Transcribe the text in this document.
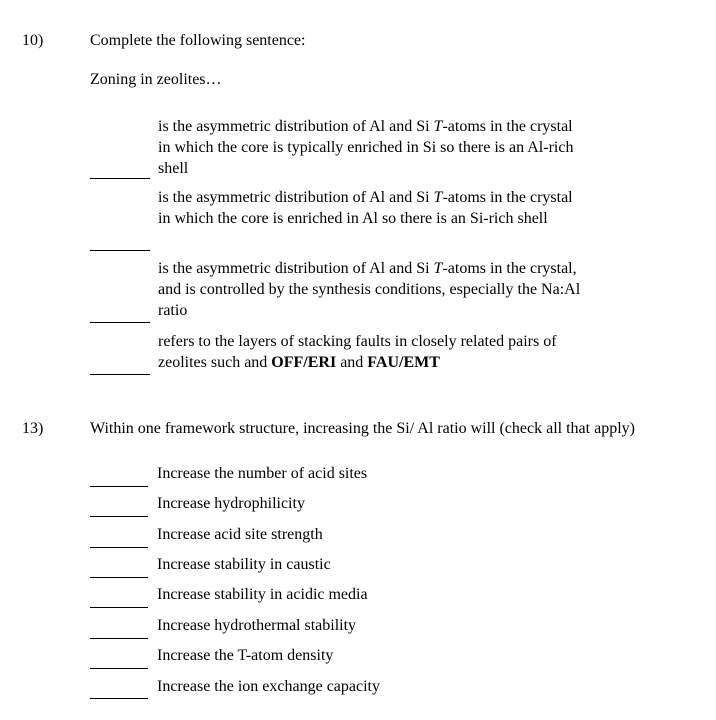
10)	Complete the following sentence:
Zoning in zeolites…
is the asymmetric distribution of Al and Si T-atoms in the crystal in which the core is typically enriched in Si so there is an Al-rich shell
is the asymmetric distribution of Al and Si T-atoms in the crystal in which the core is enriched in Al so there is an Si-rich shell
is the asymmetric distribution of Al and Si T-atoms in the crystal, and is controlled by the synthesis conditions, especially the Na:Al ratio
refers to the layers of stacking faults in closely related pairs of zeolites such and OFF/ERI and FAU/EMT
13)	Within one framework structure, increasing the Si/ Al ratio will (check all that apply)
Increase the number of acid sites
Increase hydrophilicity
Increase acid site strength
Increase stability in caustic
Increase stability in acidic media
Increase hydrothermal stability
Increase the T-atom density
Increase the ion exchange capacity
